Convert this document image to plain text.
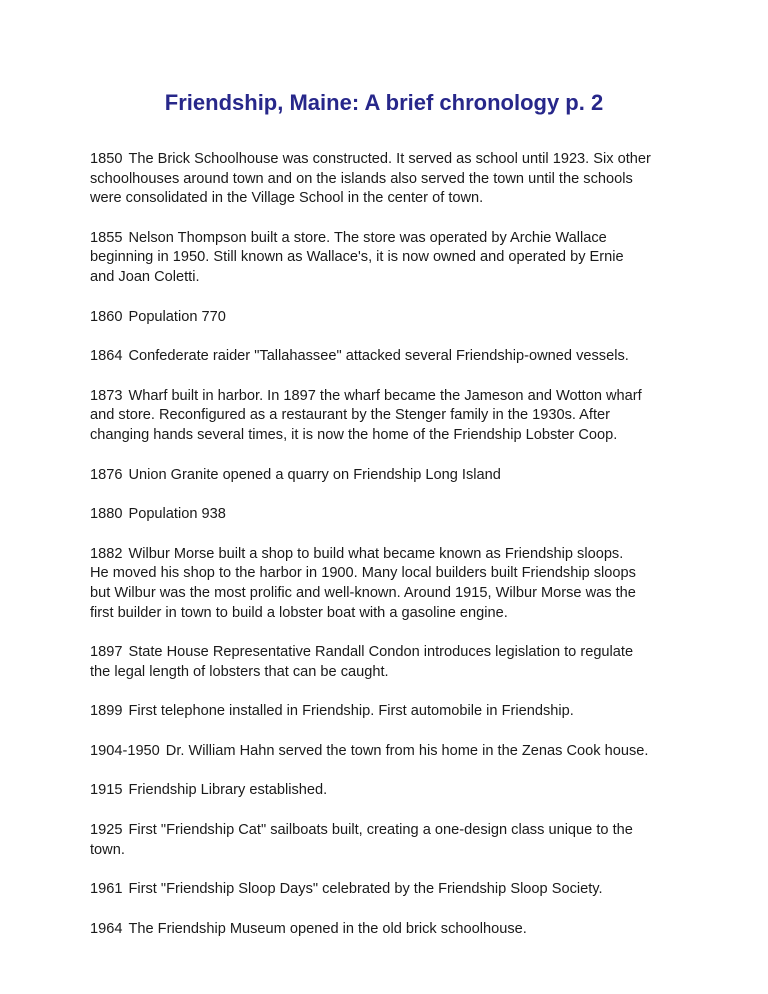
Friendship, Maine: A brief chronology p. 2
1850 The Brick Schoolhouse was constructed. It served as school until 1923. Six other
schoolhouses around town and on the islands also served the town until the schools
were consolidated in the Village School in the center of town.
1855 Nelson Thompson built a store. The store was operated by Archie Wallace
beginning in 1950. Still known as Wallace's, it is now owned and operated by Ernie
and Joan Coletti.
1860 Population 770
1864 Confederate raider "Tallahassee" attacked several Friendship-owned vessels.
1873 Wharf built in harbor. In 1897 the wharf became the Jameson and Wotton wharf
and store. Reconfigured as a restaurant by the Stenger family in the 1930s. After
changing hands several times, it is now the home of the Friendship Lobster Coop.
1876 Union Granite opened a quarry on Friendship Long Island
1880 Population 938
1882 Wilbur Morse built a shop to build what became known as Friendship sloops.
He moved his shop to the harbor in 1900. Many local builders built Friendship sloops
but Wilbur was the most prolific and well-known. Around 1915, Wilbur Morse was the
first builder in town to build a lobster boat with a gasoline engine.
1897 State House Representative Randall Condon introduces legislation to regulate
the legal length of lobsters that can be caught.
1899 First telephone installed in Friendship. First automobile in Friendship.
1904-1950 Dr. William Hahn served the town from his home in the Zenas Cook house.
1915 Friendship Library established.
1925 First "Friendship Cat" sailboats built, creating a one-design class unique to the
town.
1961 First "Friendship Sloop Days" celebrated by the Friendship Sloop Society.
1964 The Friendship Museum opened in the old brick schoolhouse.
